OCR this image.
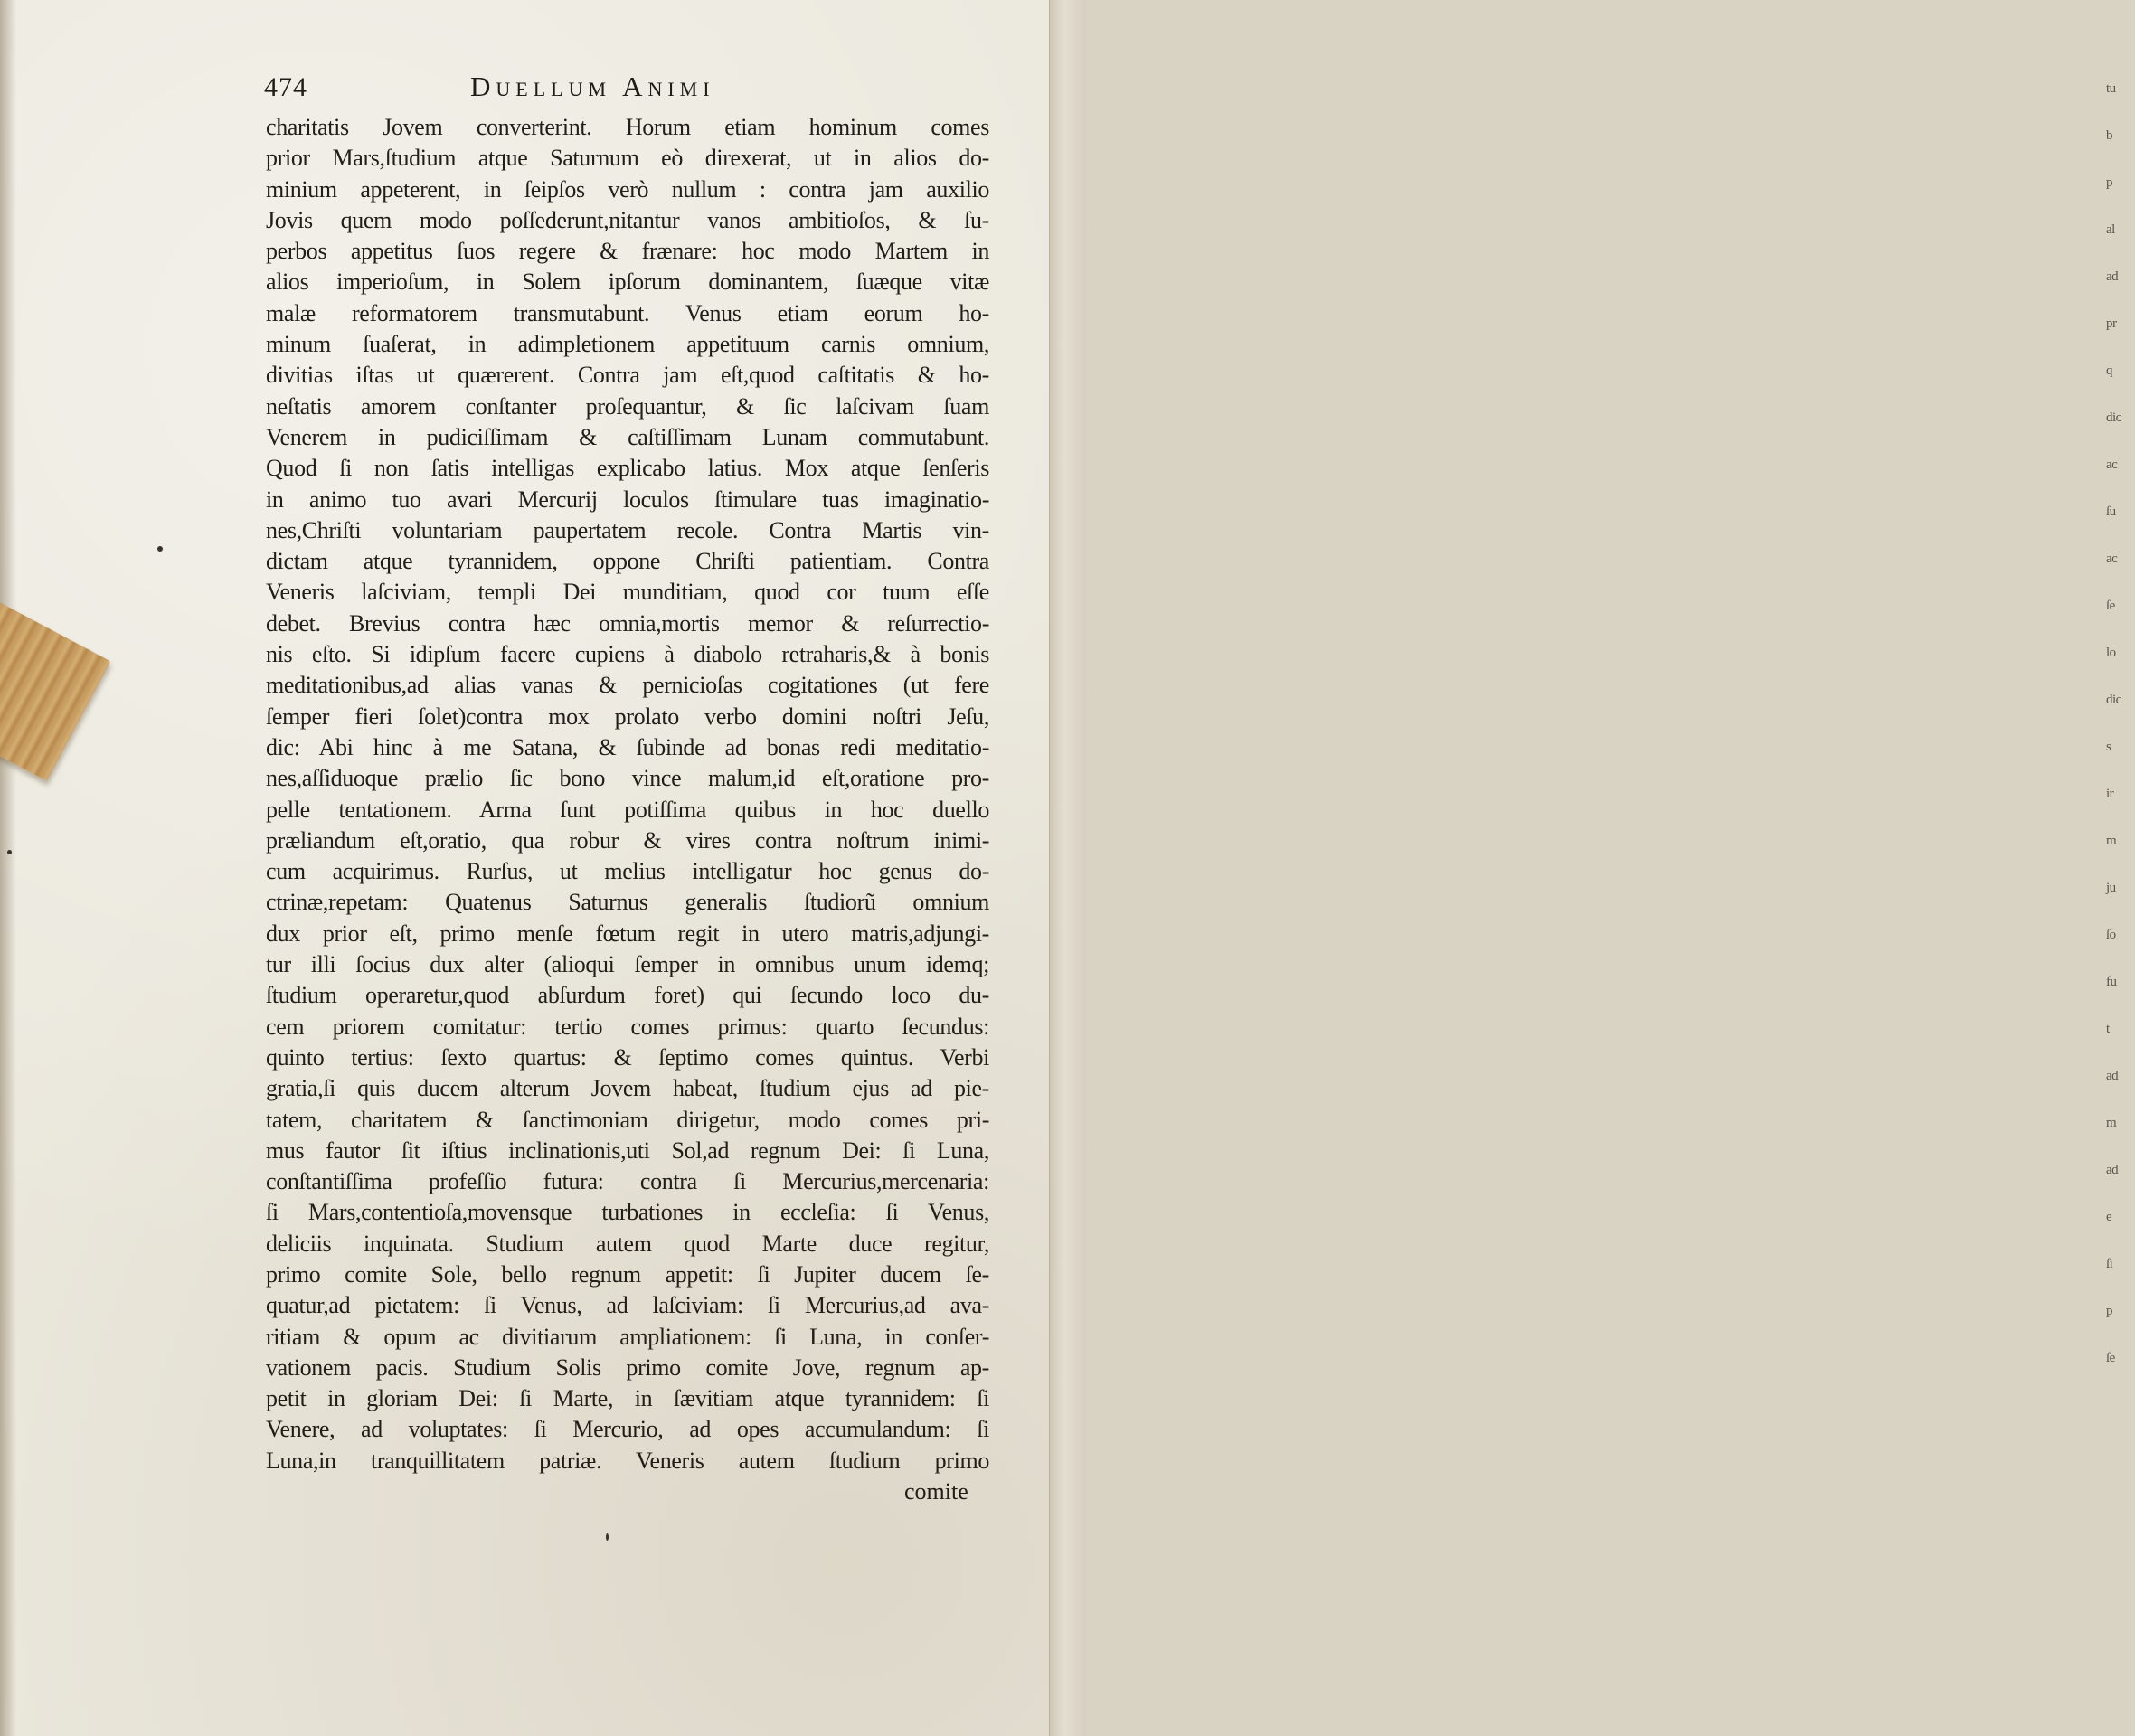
474	Duellum Animi
charitatis Jovem converterint. Horum etiam hominum comes
prior Mars,ſtudium atque Saturnum eò direxerat, ut in alios do-
minium appeterent, in ſeipſos verò nullum : contra jam auxilio
Jovis quem modo poſſederunt,nitantur vanos ambitioſos, & ſu-
perbos appetitus ſuos regere & frænare: hoc modo Martem in
alios imperioſum, in Solem ipſorum dominantem, ſuæque vitæ
malæ reformatorem transmutabunt. Venus etiam eorum ho-
minum ſuaſerat, in adimpletionem appetituum carnis omnium,
divitias iſtas ut quærerent. Contra jam eſt,quod caſtitatis & ho-
neſtatis amorem conſtanter proſequantur, & ſic laſcivam ſuam
Venerem in pudiciſſimam & caſtiſſimam Lunam commutabunt.
Quod ſi non ſatis intelligas explicabo latius. Mox atque ſenſeris
in animo tuo avari Mercurij loculos ſtimulare tuas imaginatio-
nes,Chriſti voluntariam paupertatem recole. Contra Martis vin-
dictam atque tyrannidem, oppone Chriſti patientiam. Contra
Veneris laſciviam, templi Dei munditiam, quod cor tuum eſſe
debet. Brevius contra hæc omnia,mortis memor & reſurrectio-
nis eſto. Si idipſum facere cupiens à diabolo retraharis,& à bonis
meditationibus,ad alias vanas & pernicioſas cogitationes (ut fere
ſemper fieri ſolet)contra mox prolato verbo domini noſtri Jeſu,
dic: Abi hinc à me Satana, & ſubinde ad bonas redi meditatio-
nes,aſſiduoque prælio ſic bono vince malum,id eſt,oratione pro-
pelle tentationem. Arma ſunt potiſſima quibus in hoc duello
præliandum eſt,oratio, qua robur & vires contra noſtrum inimi-
cum acquirimus. Rurſus, ut melius intelligatur hoc genus do-
ctrinæ,repetam: Quatenus Saturnus generalis ſtudiorũ omnium
dux prior eſt, primo menſe fœtum regit in utero matris,adjungi-
tur illi ſocius dux alter (alioqui ſemper in omnibus unum idemq;
ſtudium operaretur,quod abſurdum foret) qui ſecundo loco du-
cem priorem comitatur: tertio comes primus: quarto ſecundus:
quinto tertius: ſexto quartus: & ſeptimo comes quintus. Verbi
gratia,ſi quis ducem alterum Jovem habeat, ſtudium ejus ad pie-
tatem, charitatem & ſanctimoniam dirigetur, modo comes pri-
mus fautor ſit iſtius inclinationis,uti Sol,ad regnum Dei: ſi Luna,
conſtantiſſima profeſſio futura: contra ſi Mercurius,mercenaria:
ſi Mars,contentioſa,movensque turbationes in eccleſia: ſi Venus,
deliciis inquinata. Studium autem quod Marte duce regitur,
primo comite Sole, bello regnum appetit: ſi Jupiter ducem ſe-
quatur,ad pietatem: ſi Venus, ad laſciviam: ſi Mercurius,ad ava-
ritiam & opum ac divitiarum ampliationem: ſi Luna, in conſer-
vationem pacis. Studium Solis primo comite Jove, regnum ap-
petit in gloriam Dei: ſi Marte, in ſævitiam atque tyrannidem: ſi
Venere, ad voluptates: ſi Mercurio, ad opes accumulandum: ſi
Luna,in tranquillitatem patriæ. Veneris autem ſtudium primo
comite
tu
b
p
al
ad
pr
q
dic
ac
ſu
ac
ſe
lo
dic
s
ir
m
ju
ſo
fu
t
ad
m
ad
e
ſi
p
ſe
